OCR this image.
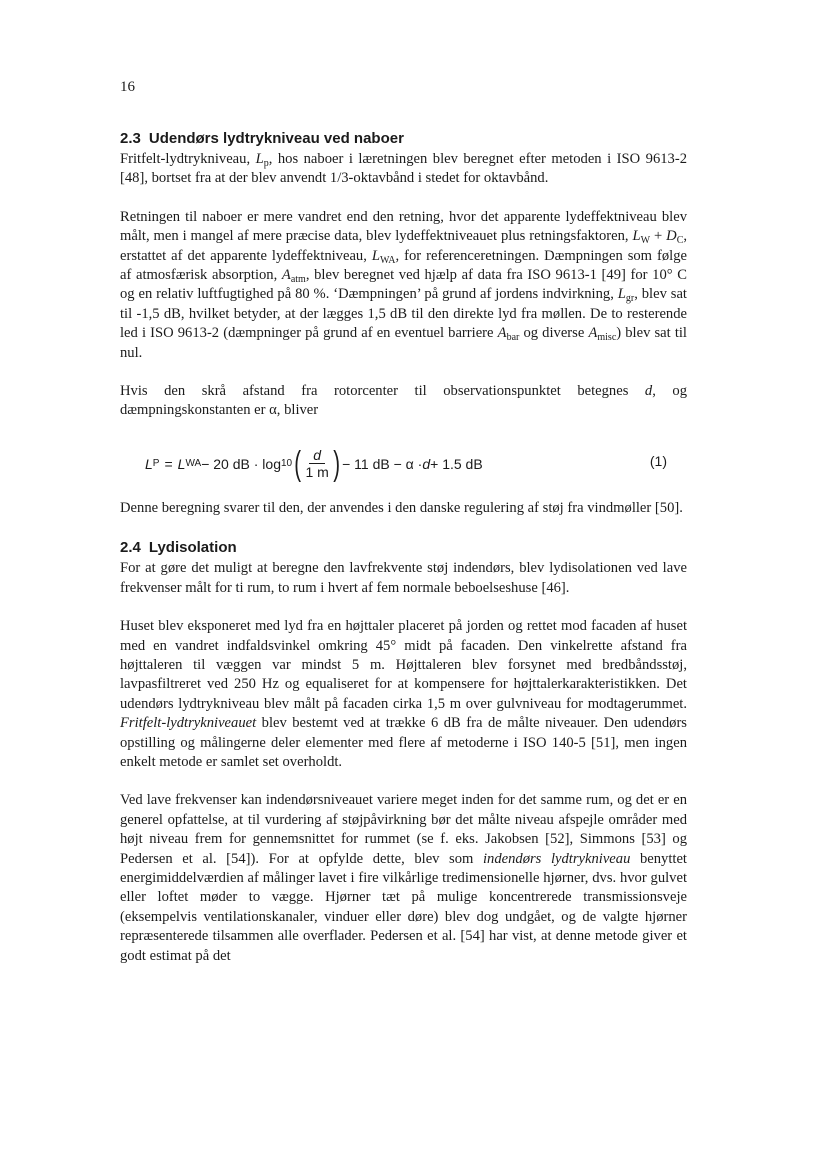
16
2.3 Udendørs lydtrykniveau ved naboer

Fritfelt-lydtrykniveau, $L_p$, hos naboer i læretningen blev beregnet efter metoden i ISO 9613-2 [48], bortset fra at der blev anvendt 1/3-oktavbånd i stedet for oktavbånd.

Retningen til naboer er mere vandret end den retning, hvor det apparente lydeffektniveau blev målt, men i mangel af mere præcise data, blev lydeffektniveauet plus retningsfaktoren, $L_W + D_C$, erstattet af det apparente lydeffektniveau, $L_{WA}$, for referenceretningen. Dæmpningen som følge af atmosfærisk absorption, $A_{atm}$, blev beregnet ved hjælp af data fra ISO 9613-1 [49] for 10° C og en relativ luftfugtighed på 80 %. ‘Dæmpningen’ på grund af jordens indvirkning, $L_{gr}$, blev sat til -1,5 dB, hvilket betyder, at der lægges 1,5 dB til den direkte lyd fra møllen. De to resterende led i ISO 9613-2 (dæmpninger på grund af en eventuel barriere $A_{bar}$ og diverse $A_{misc}$) blev sat til nul.

Hvis den skrå afstand fra rotorcenter til observationspunktet betegnes d, og dæmpningskonstanten er α, bliver

L P = L WA − 20 dB · log 10 ( $\frac{d}{1 m}$ ) − 11 dB − α · d + 1.5 dB	(1)

Denne beregning svarer til den, der anvendes i den danske regulering af støj fra vindmøller [50].

2.4 Lydisolation

For at gøre det muligt at beregne den lavfrekvente støj indendørs, blev lydisolationen ved lave frekvenser målt for ti rum, to rum i hvert af fem normale beboelseshuse [46].

Huset blev eksponeret med lyd fra en højttaler placeret på jorden og rettet mod facaden af huset med en vandret indfaldsvinkel omkring 45° midt på facaden. Den vinkelrette afstand fra højttaleren til væggen var mindst 5 m. Højttaleren blev forsynet med bredbåndsstøj, lavpasfiltreret ved 250 Hz og equaliseret for at kompensere for højttalerkarakteristikken. Det udendørs lydtrykniveau blev målt på facaden cirka 1,5 m over gulvniveau for modtagerummet. Fritfelt-lydtrykniveauet blev bestemt ved at trække 6 dB fra de målte niveauer. Den udendørs opstilling og målingerne deler elementer med flere af metoderne i ISO 140-5 [51], men ingen enkelt metode er samlet set overholdt.

Ved lave frekvenser kan indendørsniveauet variere meget inden for det samme rum, og det er en generel opfattelse, at til vurdering af støjpåvirkning bør det målte niveau afspejle områder med højt niveau frem for gennemsnittet for rummet (se f. eks. Jakobsen [52], Simmons [53] og Pedersen et al. [54]). For at opfylde dette, blev som indendørs lydtrykniveau benyttet energimiddelværdien af målinger lavet i fire vilkårlige tredimensionelle hjørner, dvs. hvor gulvet eller loftet møder to vægge. Hjørner tæt på mulige koncentrerede transmissionsveje (eksempelvis ventilationskanaler, vinduer eller døre) blev dog undgået, og de valgte hjørner repræsenterede tilsammen alle overflader. Pedersen et al. [54] har vist, at denne metode giver et godt estimat på det
